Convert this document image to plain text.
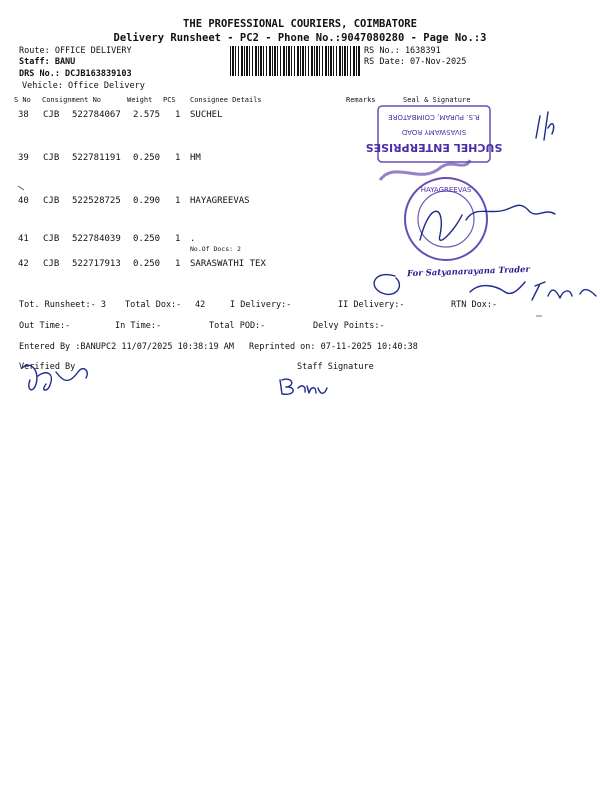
THE PROFESSIONAL COURIERS, COIMBATORE
Delivery Runsheet - PC2 - Phone No.:9047080280 - Page No.:3
Route: OFFICE DELIVERY
Staff: BANU
DRS No.: DCJB163839103
Vehicle: Office Delivery
RS No.: 1638391
RS Date: 07-Nov-2025
S No Consignment No	Weight PCS Consignee Details	Remarks	Seal & Signature
38 CJB 522784067 2.575 1 SUCHEL
39 CJB 522781191 0.250 1 HM
40 CJB 522528725 0.290 1 HAYAGREEVAS
41 CJB 522784039 0.250 1 .
No.Of Docs: 2
42 CJB 522717913 0.250 1 SARASWATHI TEX
Tot. Runsheet:- 3 Total Dox:- 42	I Delivery:-	II Delivery:-	RTN Dox:-
Out Time:-	In Time:-	Total POD:-	Delvy Points:-
Entered By :BANUPC2 11/07/2025 10:38:19 AM Reprinted on: 07-11-2025 10:40:38
Verified By	Staff Signature
R.S. PURAM, COIMBATORE
SIVASWAMY ROAD
SUCHEL ENTERPRISES
HAYAGREEVAS
For Satyanarayana Trader
